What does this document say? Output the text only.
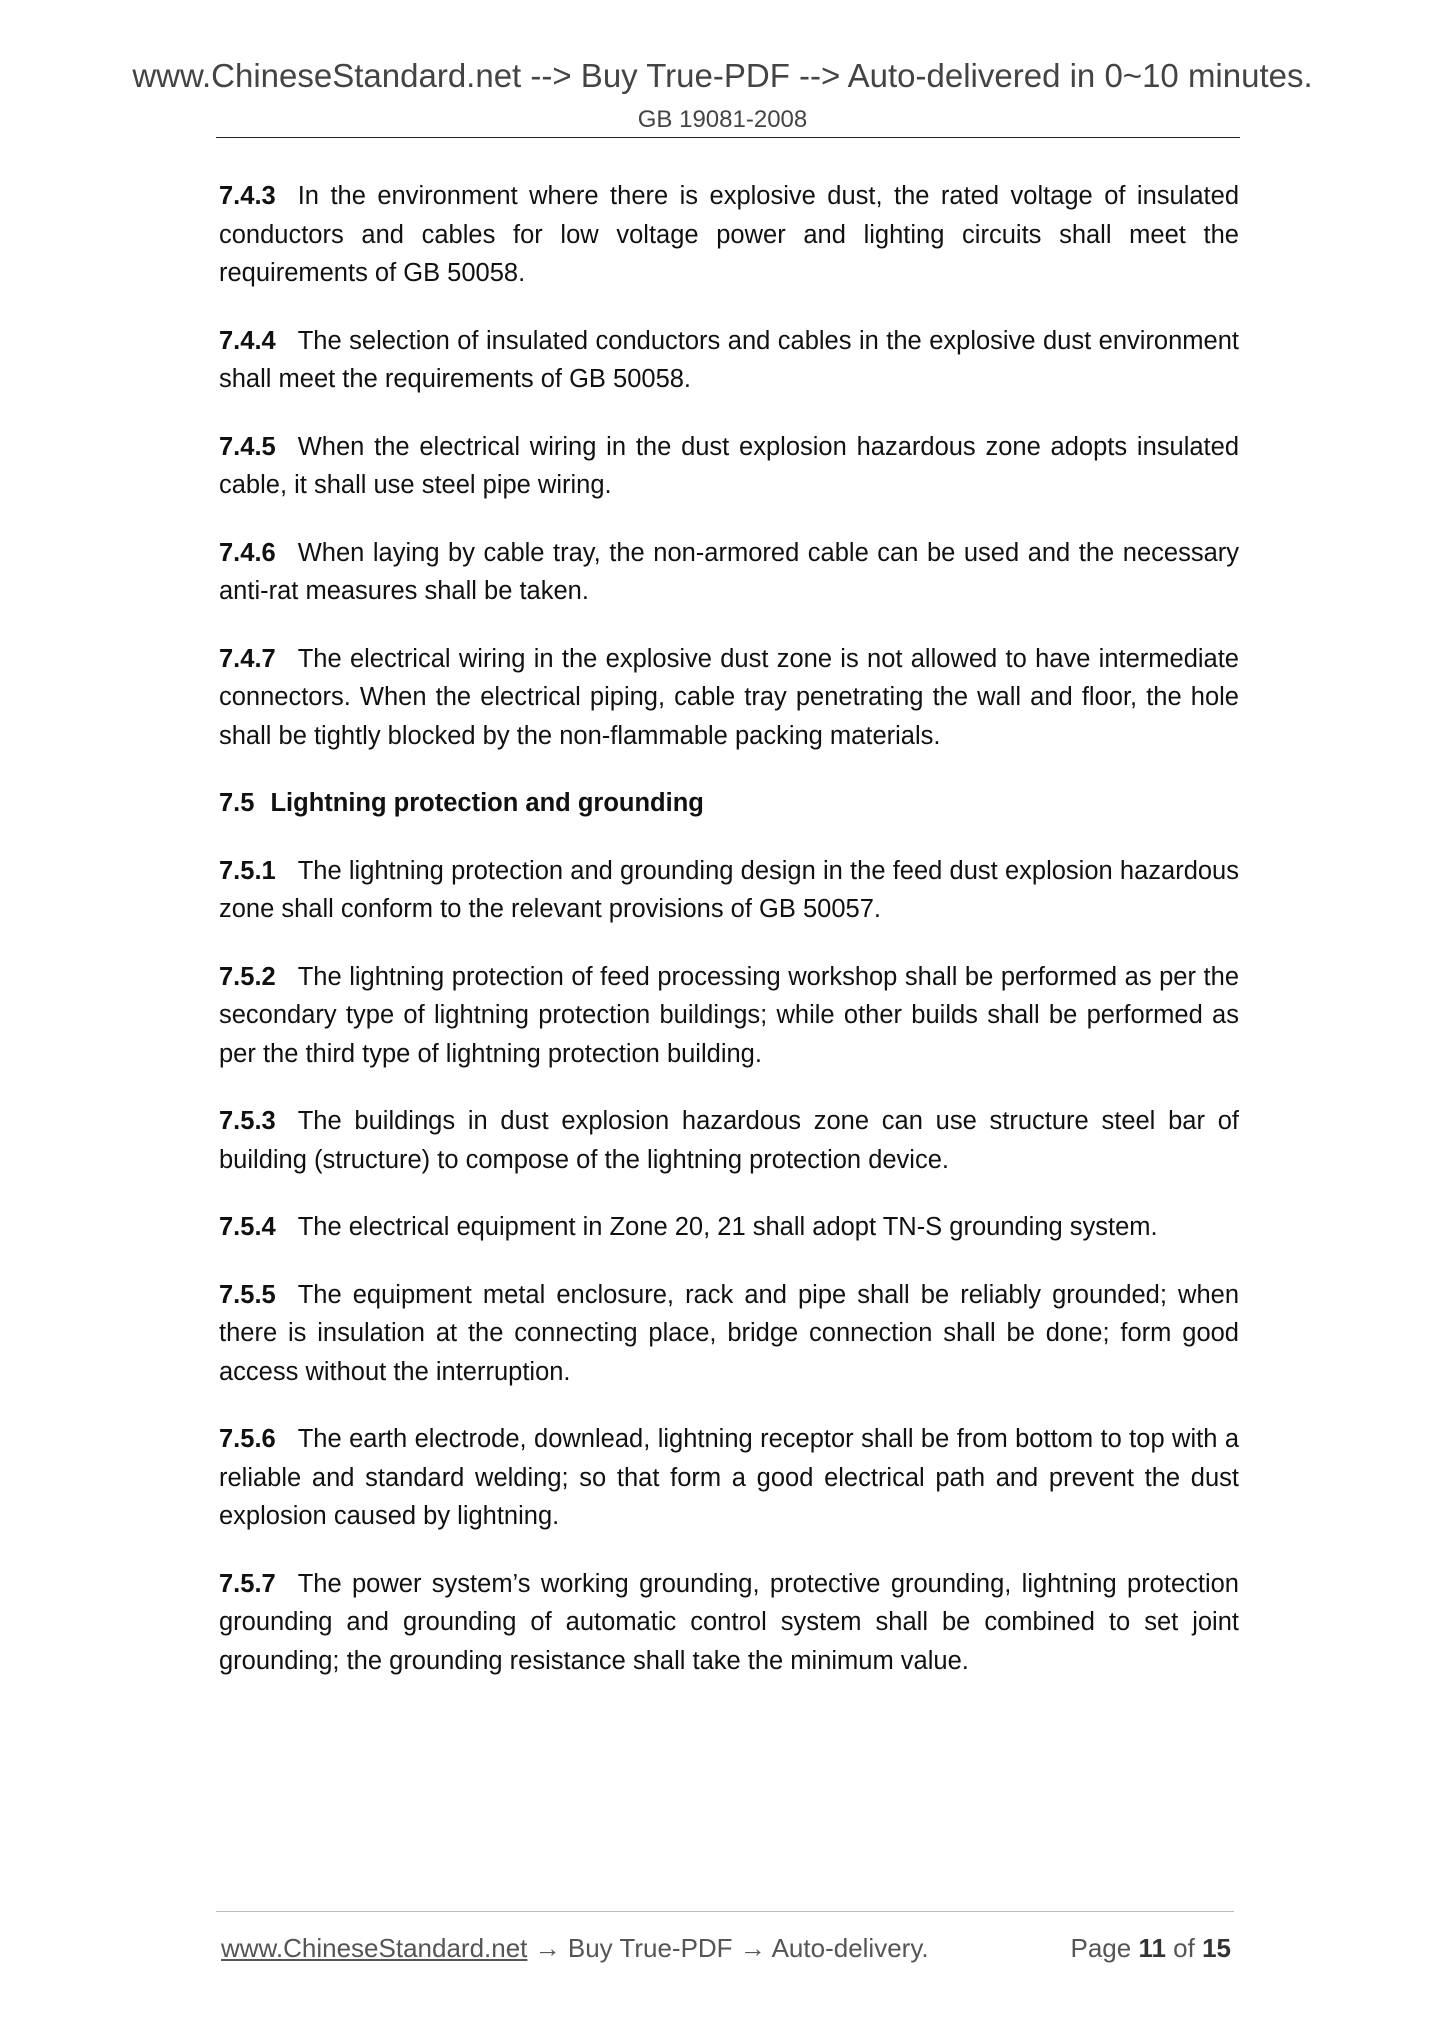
www.ChineseStandard.net --> Buy True-PDF --> Auto-delivered in 0~10 minutes.
GB 19081-2008

7.4.3 In the environment where there is explosive dust, the rated voltage of insulated conductors and cables for low voltage power and lighting circuits shall meet the requirements of GB 50058.

7.4.4 The selection of insulated conductors and cables in the explosive dust environment shall meet the requirements of GB 50058.

7.4.5 When the electrical wiring in the dust explosion hazardous zone adopts insulated cable, it shall use steel pipe wiring.

7.4.6 When laying by cable tray, the non-armored cable can be used and the necessary anti-rat measures shall be taken.

7.4.7 The electrical wiring in the explosive dust zone is not allowed to have intermediate connectors. When the electrical piping, cable tray penetrating the wall and floor, the hole shall be tightly blocked by the non-flammable packing materials.

7.5 Lightning protection and grounding

7.5.1 The lightning protection and grounding design in the feed dust explosion hazardous zone shall conform to the relevant provisions of GB 50057.

7.5.2 The lightning protection of feed processing workshop shall be performed as per the secondary type of lightning protection buildings; while other builds shall be performed as per the third type of lightning protection building.

7.5.3 The buildings in dust explosion hazardous zone can use structure steel bar of building (structure) to compose of the lightning protection device.

7.5.4 The electrical equipment in Zone 20, 21 shall adopt TN-S grounding system.

7.5.5 The equipment metal enclosure, rack and pipe shall be reliably grounded; when there is insulation at the connecting place, bridge connection shall be done; form good access without the interruption.

7.5.6 The earth electrode, downlead, lightning receptor shall be from bottom to top with a reliable and standard welding; so that form a good electrical path and prevent the dust explosion caused by lightning.

7.5.7 The power system’s working grounding, protective grounding, lightning protection grounding and grounding of automatic control system shall be combined to set joint grounding; the grounding resistance shall take the minimum value.

www.ChineseStandard.net → Buy True-PDF → Auto-delivery.	Page 11 of 15
